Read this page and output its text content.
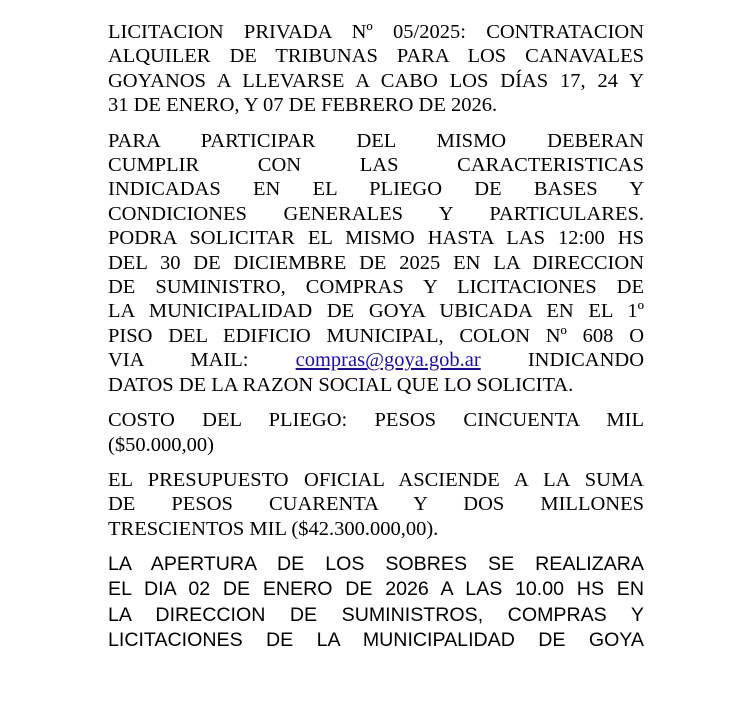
LICITACION PRIVADA Nº 05/2025: CONTRATACION
ALQUILER DE TRIBUNAS PARA LOS CANAVALES
GOYANOS A LLEVARSE A CABO LOS DÍAS 17, 24 Y
31 DE ENERO, Y 07 DE FEBRERO DE 2026.
PARA PARTICIPAR DEL MISMO DEBERAN
CUMPLIR CON LAS CARACTERISTICAS
INDICADAS EN EL PLIEGO DE BASES Y
CONDICIONES GENERALES Y PARTICULARES.
PODRA SOLICITAR EL MISMO HASTA LAS 12:00 HS
DEL 30 DE DICIEMBRE DE 2025 EN LA DIRECCION
DE SUMINISTRO, COMPRAS Y LICITACIONES DE
LA MUNICIPALIDAD DE GOYA UBICADA EN EL 1º
PISO DEL EDIFICIO MUNICIPAL, COLON Nº 608 O
VIA MAIL: compras@goya.gob.ar INDICANDO
DATOS DE LA RAZON SOCIAL QUE LO SOLICITA.
COSTO DEL PLIEGO: PESOS CINCUENTA MIL
($50.000,00)
EL PRESUPUESTO OFICIAL ASCIENDE A LA SUMA
DE PESOS CUARENTA Y DOS MILLONES
TRESCIENTOS MIL ($42.300.000,00).
LA APERTURA DE LOS SOBRES SE REALIZARA
EL DIA 02 DE ENERO DE 2026 A LAS 10.00 HS EN
LA DIRECCION DE SUMINISTROS, COMPRAS Y
LICITACIONES DE LA MUNICIPALIDAD DE GOYA
